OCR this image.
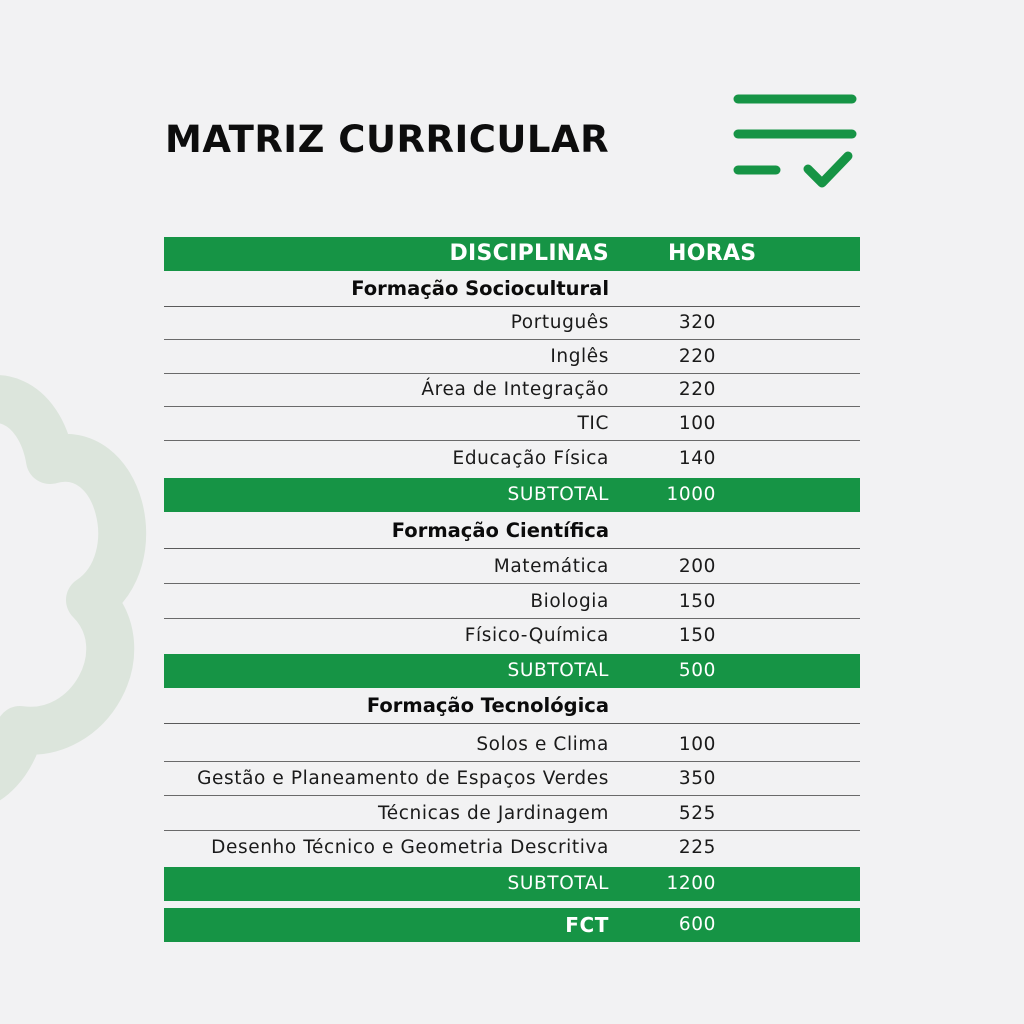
MATRIZ CURRICULAR
DISCIPLINAS	HORAS
Formação Sociocultural
Português	320
Inglês	220
Área de Integração	220
TIC	100
Educação Física	140
SUBTOTAL	1000
Formação Científica
Matemática	200
Biologia	150
Físico-Química	150
SUBTOTAL	500
Formação Tecnológica
Solos e Clima	100
Gestão e Planeamento de Espaços Verdes	350
Técnicas de Jardinagem	525
Desenho Técnico e Geometria Descritiva	225
SUBTOTAL	1200
FCT	600
